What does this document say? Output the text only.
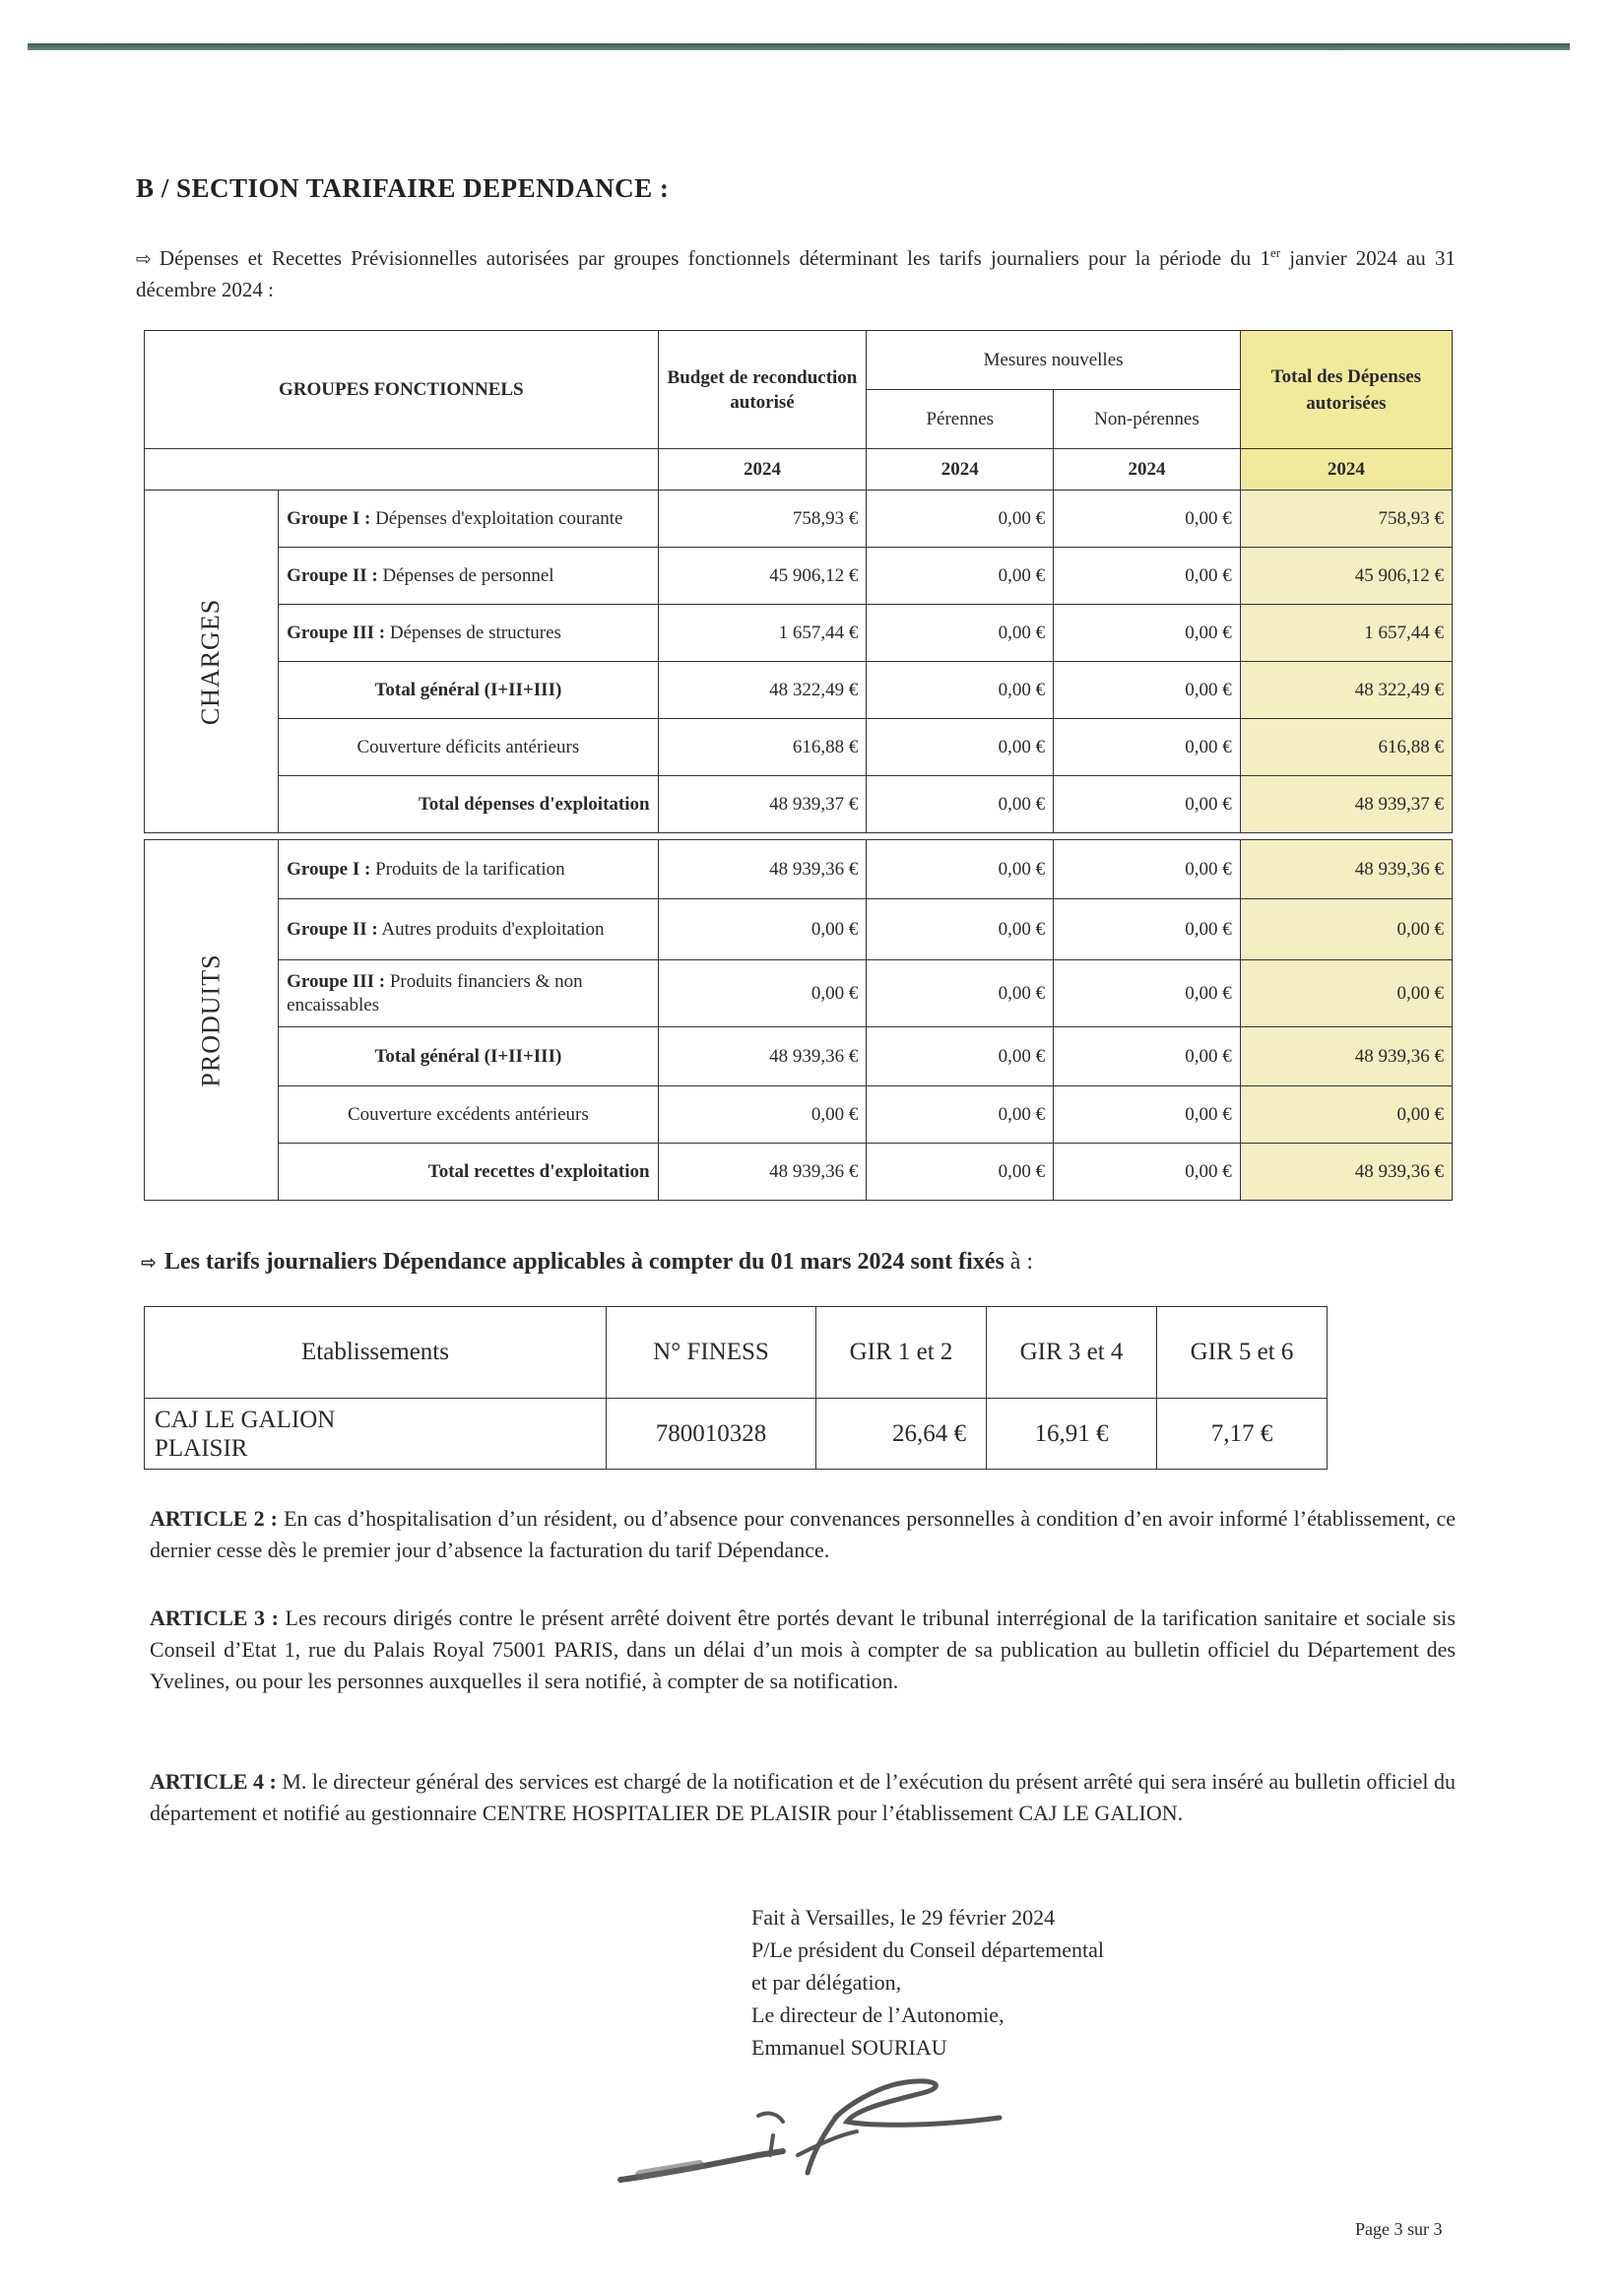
B / SECTION TARIFAIRE DEPENDANCE :
⇨ Dépenses et Recettes Prévisionnelles autorisées par groupes fonctionnels déterminant les tarifs journaliers pour la période du 1er janvier 2024 au 31 décembre 2024 :
GROUPES FONCTIONNELS		Budget de reconduction autorisé	Mesures nouvelles		Total des Dépenses autorisées
			Pérennes	Non-pérennes	
		2024	2024	2024	2024
CHARGES	Groupe I : Dépenses d'exploitation courante	758,93 €	0,00 €	0,00 €	758,93 €
	Groupe II : Dépenses de personnel	45 906,12 €	0,00 €	0,00 €	45 906,12 €
	Groupe III : Dépenses de structures	1 657,44 €	0,00 €	0,00 €	1 657,44 €
	Total général (I+II+III)	48 322,49 €	0,00 €	0,00 €	48 322,49 €
	Couverture déficits antérieurs	616,88 €	0,00 €	0,00 €	616,88 €
	Total dépenses d'exploitation	48 939,37 €	0,00 €	0,00 €	48 939,37 €

PRODUITS	Groupe I : Produits de la tarification	48 939,36 €	0,00 €	0,00 €	48 939,36 €
	Groupe II : Autres produits d'exploitation	0,00 €	0,00 €	0,00 €	0,00 €
	Groupe III : Produits financiers & non encaissables	0,00 €	0,00 €	0,00 €	0,00 €
	Total général (I+II+III)	48 939,36 €	0,00 €	0,00 €	48 939,36 €
	Couverture excédents antérieurs	0,00 €	0,00 €	0,00 €	0,00 €
	Total recettes d'exploitation	48 939,36 €	0,00 €	0,00 €	48 939,36 €
⇨ Les tarifs journaliers Dépendance applicables à compter du 01 mars 2024 sont fixés à :
Etablissements	N° FINESS	GIR 1 et 2	GIR 3 et 4	GIR 5 et 6
CAJ LE GALION
PLAISIR	780010328	26,64 €	16,91 €	7,17 €
ARTICLE 2 : En cas d’hospitalisation d’un résident, ou d’absence pour convenances personnelles à condition d’en avoir informé l’établissement, ce dernier cesse dès le premier jour d’absence la facturation du tarif Dépendance.
ARTICLE 3 : Les recours dirigés contre le présent arrêté doivent être portés devant le tribunal interrégional de la tarification sanitaire et sociale sis Conseil d’Etat 1, rue du Palais Royal 75001 PARIS, dans un délai d’un mois à compter de sa publication au bulletin officiel du Département des Yvelines, ou pour les personnes auxquelles il sera notifié, à compter de sa notification.
ARTICLE 4 : M. le directeur général des services est chargé de la notification et de l’exécution du présent arrêté qui sera inséré au bulletin officiel du département et notifié au gestionnaire CENTRE HOSPITALIER DE PLAISIR pour l’établissement CAJ LE GALION.
Fait à Versailles, le 29 février 2024
P/Le président du Conseil départemental
et par délégation,
Le directeur de l’Autonomie,
Emmanuel SOURIAU
Page 3 sur 3
